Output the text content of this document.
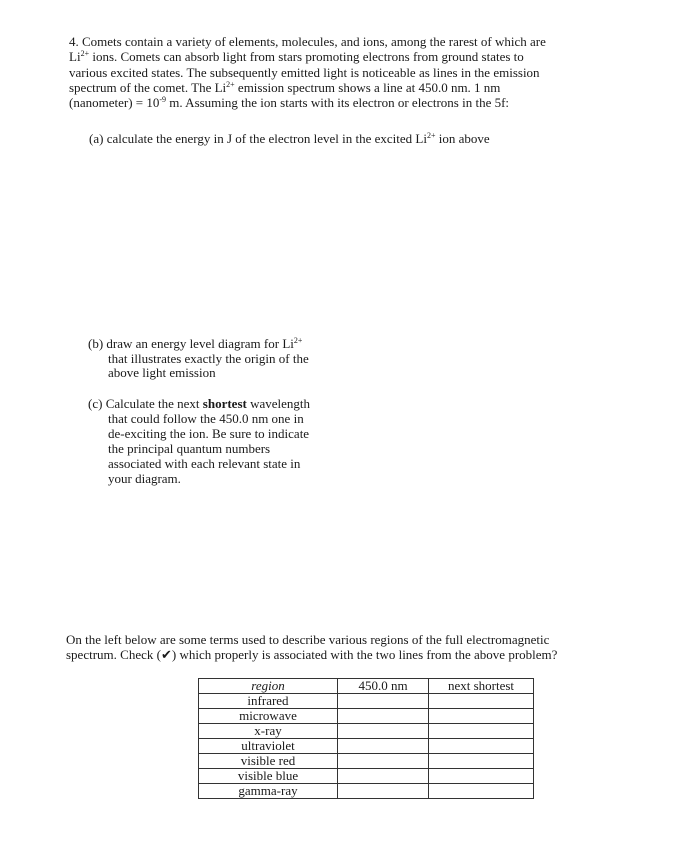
4. Comets contain a variety of elements, molecules, and ions, among the rarest of which are
$Li^{2+}$ ions. Comets can absorb light from stars promoting electrons from ground states to
various excited states. The subsequently emitted light is noticeable as lines in the emission
spectrum of the comet. The $Li^{2+}$ emission spectrum shows a line at 450.0 nm. 1 nm
(nanometer) = $10^{-9}$ m. Assuming the ion starts with its electron or electrons in the 5f:
(a) calculate the energy in J of the electron level in the excited $Li^{2+}$ ion above
(b) draw an energy level diagram for $Li^{2+}$
that illustrates exactly the origin of the
above light emission
(c) Calculate the next shortest wavelength
that could follow the 450.0 nm one in
de-exciting the ion. Be sure to indicate
the principal quantum numbers
associated with each relevant state in
your diagram.
On the left below are some terms used to describe various regions of the full electromagnetic
spectrum. Check (✔) which properly is associated with the two lines from the above problem?
region	450.0 nm	next shortest
infrared		
microwave		
x-ray		
ultraviolet		
visible red		
visible blue		
gamma-ray		
